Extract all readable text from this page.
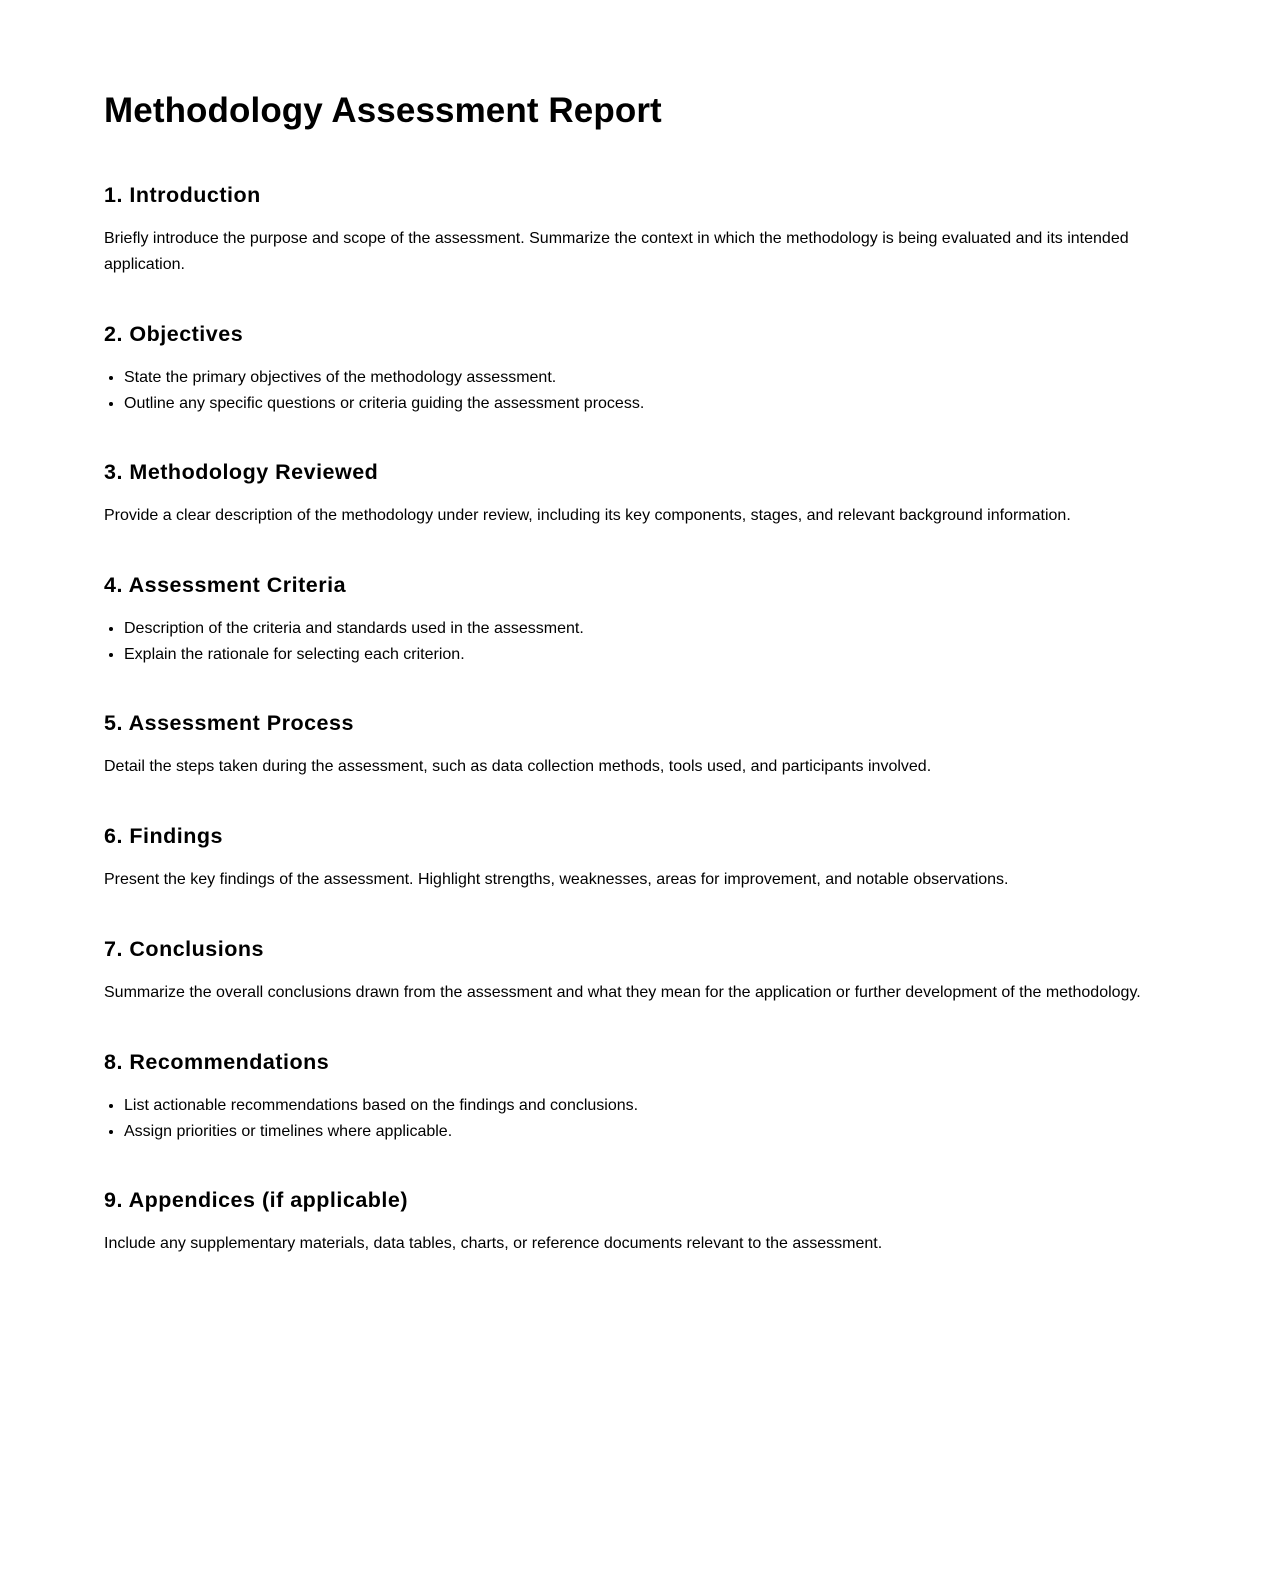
Methodology Assessment Report
1. Introduction

Briefly introduce the purpose and scope of the assessment. Summarize the context in which the methodology is being evaluated and its intended application.

2. Objectives
• State the primary objectives of the methodology assessment.
• Outline any specific questions or criteria guiding the assessment process.
3. Methodology Reviewed

Provide a clear description of the methodology under review, including its key components, stages, and relevant background information.

4. Assessment Criteria
• Description of the criteria and standards used in the assessment.
• Explain the rationale for selecting each criterion.
5. Assessment Process

Detail the steps taken during the assessment, such as data collection methods, tools used, and participants involved.

6. Findings

Present the key findings of the assessment. Highlight strengths, weaknesses, areas for improvement, and notable observations.

7. Conclusions

Summarize the overall conclusions drawn from the assessment and what they mean for the application or further development of the methodology.

8. Recommendations
• List actionable recommendations based on the findings and conclusions.
• Assign priorities or timelines where applicable.
9. Appendices (if applicable)

Include any supplementary materials, data tables, charts, or reference documents relevant to the assessment.
